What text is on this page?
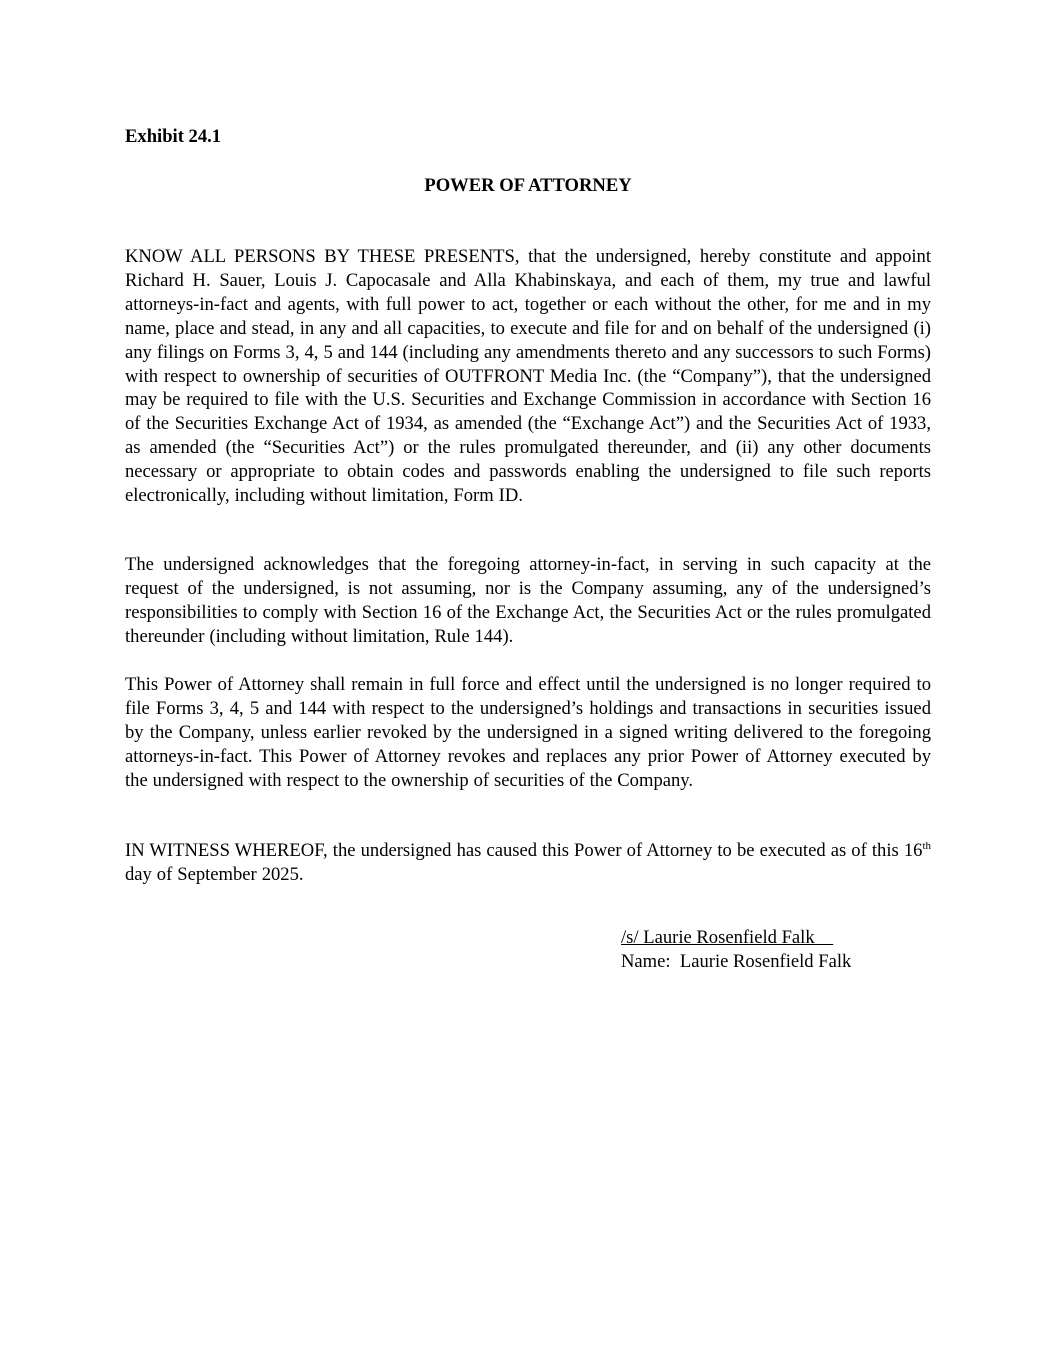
Exhibit 24.1
POWER OF ATTORNEY

KNOW ALL PERSONS BY THESE PRESENTS, that the undersigned, hereby constitute and appoint Richard H. Sauer, Louis J. Capocasale and Alla Khabinskaya, and each of them, my true and lawful attorneys-in-fact and agents, with full power to act, together or each without the other, for me and in my name, place and stead, in any and all capacities, to execute and file for and on behalf of the undersigned (i) any filings on Forms 3, 4, 5 and 144 (including any amendments thereto and any successors to such Forms) with respect to ownership of securities of OUTFRONT Media Inc. (the “Company”), that the undersigned may be required to file with the U.S. Securities and Exchange Commission in accordance with Section 16 of the Securities Exchange Act of 1934, as amended (the “Exchange Act”) and the Securities Act of 1933, as amended (the “Securities Act”) or the rules promulgated thereunder, and (ii) any other documents necessary or appropriate to obtain codes and passwords enabling the undersigned to file such reports electronically, including without limitation, Form ID.

The undersigned acknowledges that the foregoing attorney-in-fact, in serving in such capacity at the request of the undersigned, is not assuming, nor is the Company assuming, any of the undersigned’s responsibilities to comply with Section 16 of the Exchange Act, the Securities Act or the rules promulgated thereunder (including without limitation, Rule 144).

This Power of Attorney shall remain in full force and effect until the undersigned is no longer required to file Forms 3, 4, 5 and 144 with respect to the undersigned’s holdings and transactions in securities issued by the Company, unless earlier revoked by the undersigned in a signed writing delivered to the foregoing attorneys-in-fact. This Power of Attorney revokes and replaces any prior Power of Attorney executed by the undersigned with respect to the ownership of securities of the Company.

IN WITNESS WHEREOF, the undersigned has caused this Power of Attorney to be executed as of this 16th day of September 2025.

/s/ Laurie Rosenfield Falk
Name:  Laurie Rosenfield Falk
